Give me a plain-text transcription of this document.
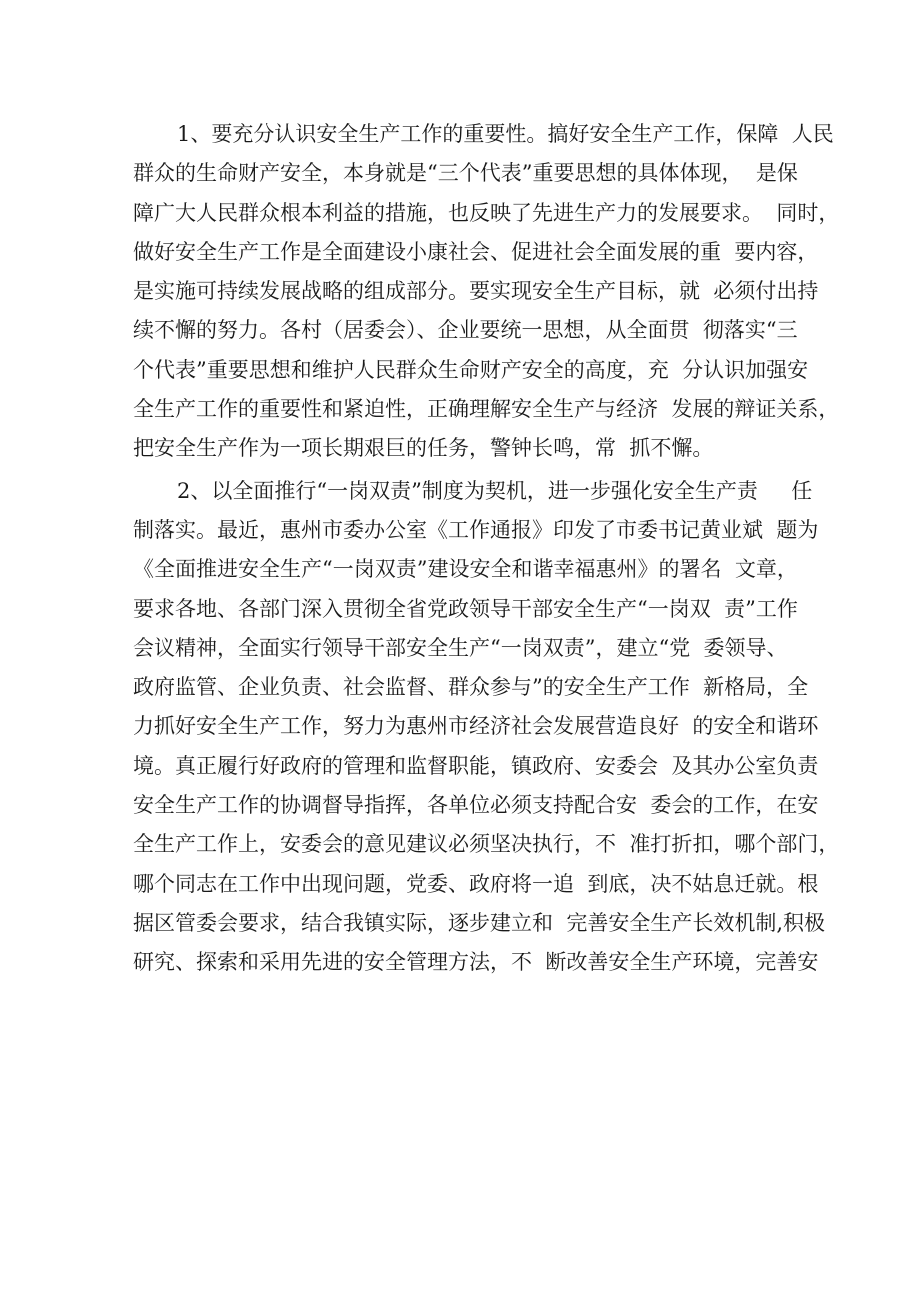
1、要充分认识安全生产工作的重要性。搞好安全生产工作，保障  人民
群众的生命财产安全，本身就是“三个代表”重要思想的具体体现，  是保
障广大人民群众根本利益的措施，也反映了先进生产力的发展要求。  同时，
做好安全生产工作是全面建设小康社会、促进社会全面发展的重  要内容，
是实施可持续发展战略的组成部分。要实现安全生产目标，就  必须付出持
续不懈的努力。各村（居委会）、企业要统一思想，从全面贯  彻落实“三
个代表”重要思想和维护人民群众生命财产安全的高度，充  分认识加强安
全生产工作的重要性和紧迫性，正确理解安全生产与经济  发展的辩证关系，
把安全生产作为一项长期艰巨的任务，警钟长鸣，常  抓不懈。
2、以全面推行“一岗双责”制度为契机，进一步强化安全生产责     任
制落实。最近，惠州市委办公室《工作通报》印发了市委书记黄业斌  题为
《全面推进安全生产“一岗双责”建设安全和谐幸福惠州》的署名  文章，
要求各地、各部门深入贯彻全省党政领导干部安全生产“一岗双  责”工作
会议精神，全面实行领导干部安全生产“一岗双责”，建立“党  委领导、
政府监管、企业负责、社会监督、群众参与”的安全生产工作  新格局，全
力抓好安全生产工作，努力为惠州市经济社会发展营造良好  的安全和谐环
境。真正履行好政府的管理和监督职能，镇政府、安委会  及其办公室负责
安全生产工作的协调督导指挥，各单位必须支持配合安  委会的工作，在安
全生产工作上，安委会的意见建议必须坚决执行，不  准打折扣，哪个部门，
哪个同志在工作中出现问题，党委、政府将一追  到底，决不姑息迁就。根
据区管委会要求，结合我镇实际，逐步建立和  完善安全生产长效机制,积极
研究、探索和采用先进的安全管理方法，不  断改善安全生产环境，完善安
